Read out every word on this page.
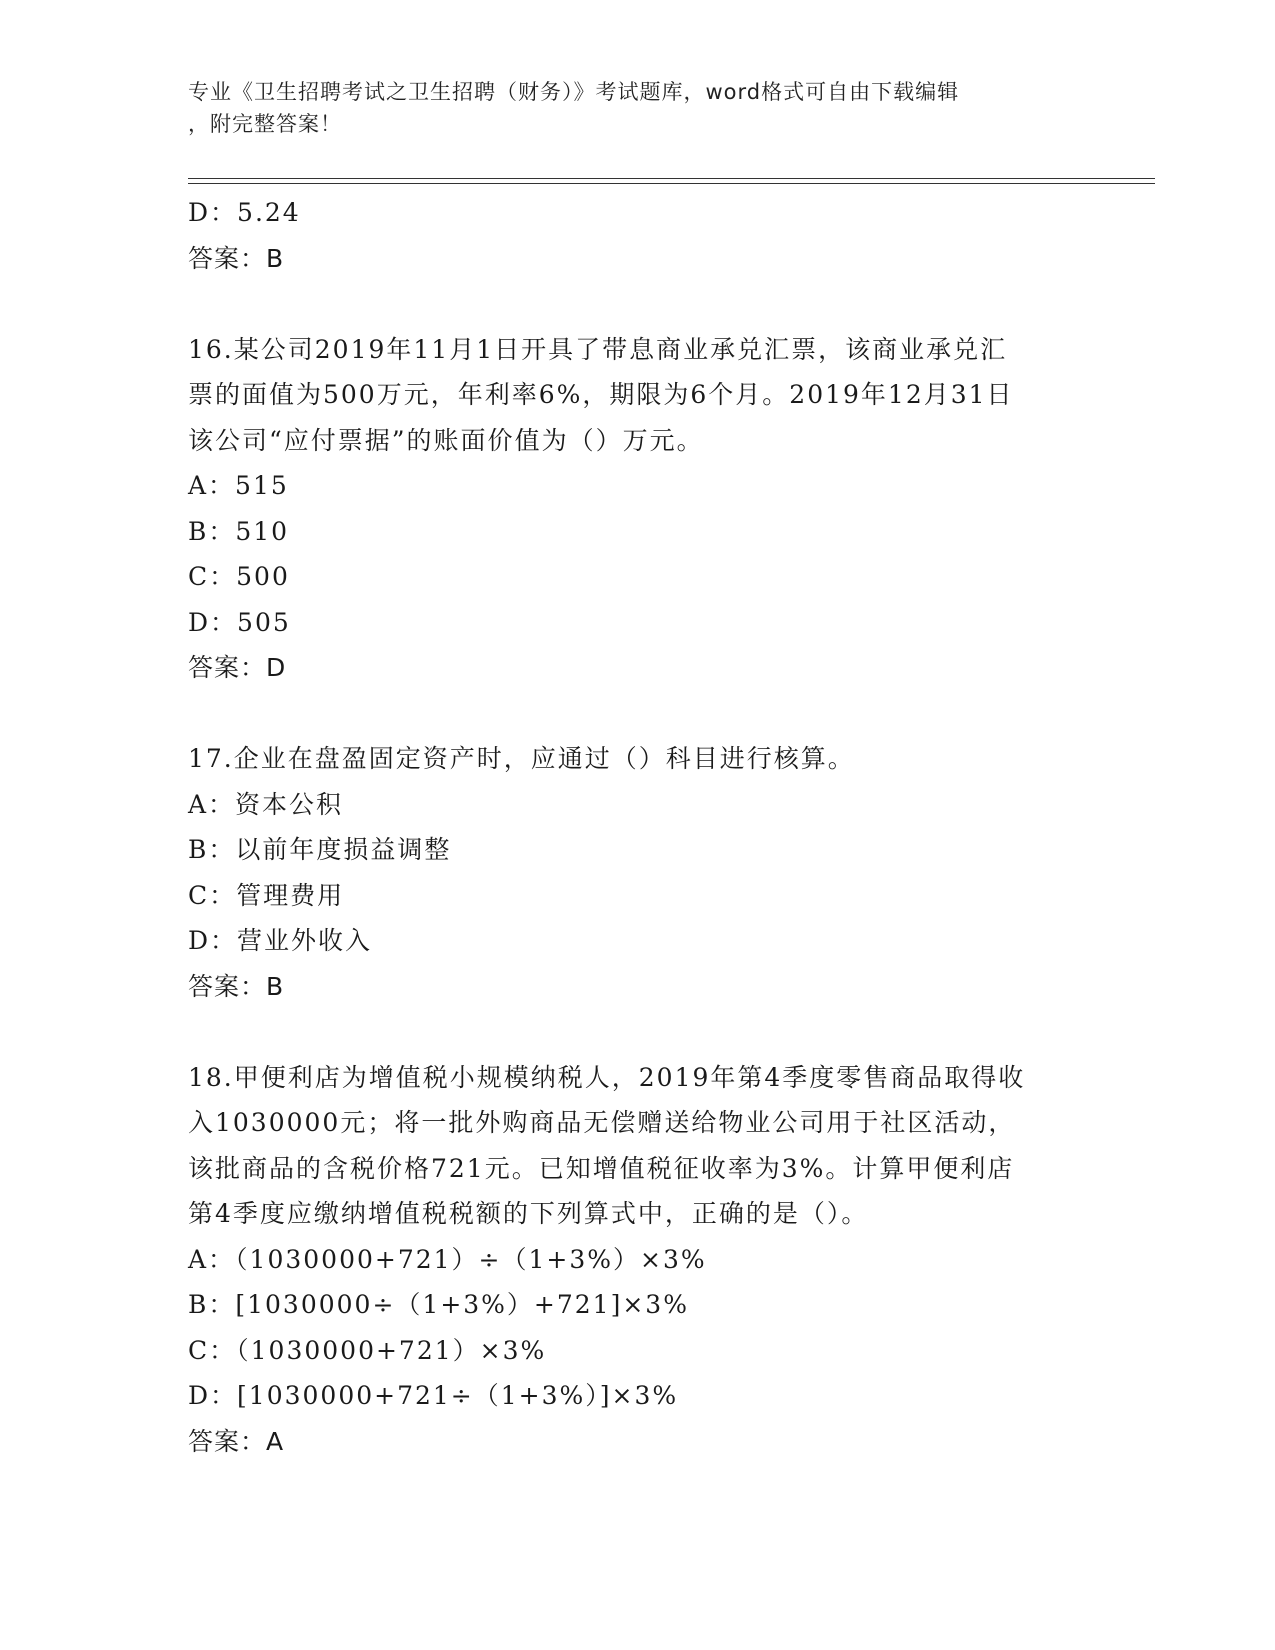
专业《卫生招聘考试之卫生招聘（财务）》考试题库，word格式可自由下载编辑
，附完整答案！
D：5.24
答案：B
16.某公司2019年11月1日开具了带息商业承兑汇票，该商业承兑汇
票的面值为500万元，年利率6%，期限为6个月。2019年12月31日
该公司“应付票据”的账面价值为（）万元。
A：515
B：510
C：500
D：505
答案：D
17.企业在盘盈固定资产时，应通过（）科目进行核算。
A：资本公积
B：以前年度损益调整
C：管理费用
D：营业外收入
答案：B
18.甲便利店为增值税小规模纳税人，2019年第4季度零售商品取得收
入1030000元；将一批外购商品无偿赠送给物业公司用于社区活动，
该批商品的含税价格721元。已知增值税征收率为3%。计算甲便利店
第4季度应缴纳增值税税额的下列算式中，正确的是（）。
A：（1030000+721）÷（1+3%）×3%
B：[1030000÷（1+3%）+721]×3%
C：（1030000+721）×3%
D：[1030000+721÷（1+3%）]×3%
答案：A
